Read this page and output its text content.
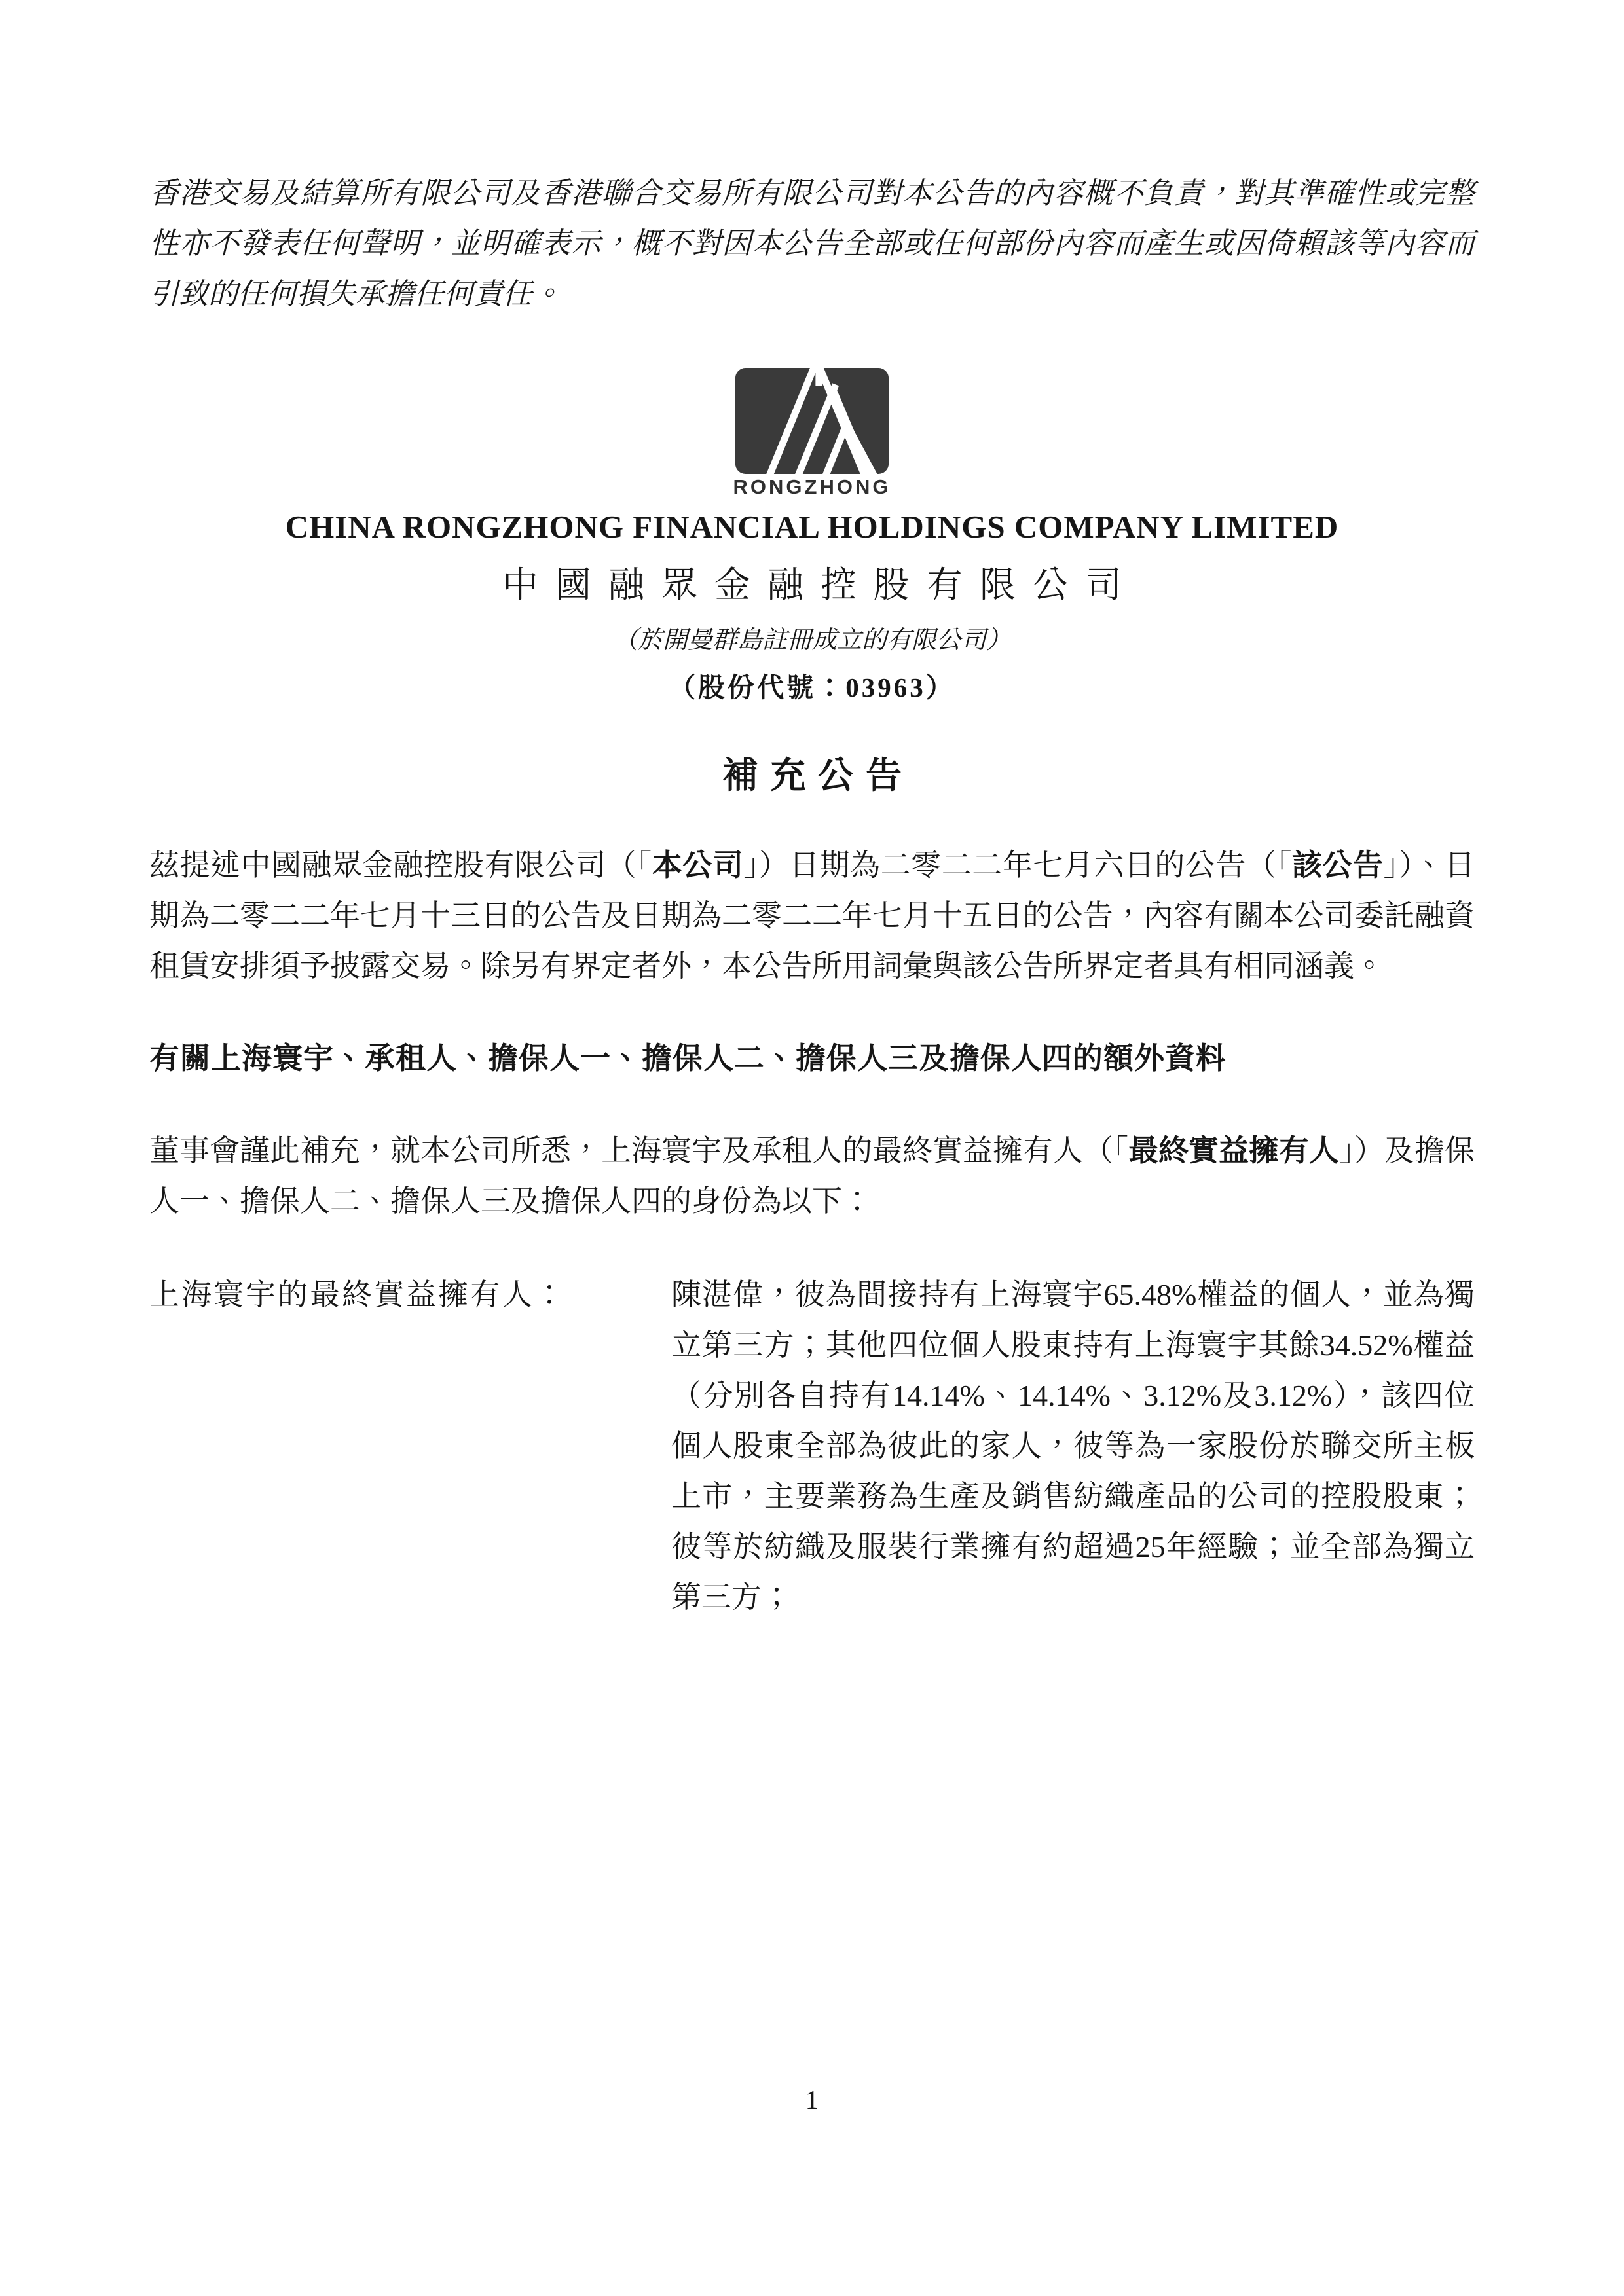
香港交易及結算所有限公司及香港聯合交易所有限公司對本公告的內容概不負責，對其準確性或完整性亦不發表任何聲明，並明確表示，概不對因本公告全部或任何部份內容而產生或因倚賴該等內容而引致的任何損失承擔任何責任。

RONGZHONG
CHINA RONGZHONG FINANCIAL HOLDINGS COMPANY LIMITED
中國融眾金融控股有限公司
（於開曼群島註冊成立的有限公司）
（股份代號：03963）
補充公告

茲提述中國融眾金融控股有限公司（「本公司」）日期為二零二二年七月六日的公告（「該公告」）、日期為二零二二年七月十三日的公告及日期為二零二二年七月十五日的公告，內容有關本公司委託融資租賃安排須予披露交易。除另有界定者外，本公告所用詞彙與該公告所界定者具有相同涵義。

有關上海寰宇、承租人、擔保人一、擔保人二、擔保人三及擔保人四的額外資料

董事會謹此補充，就本公司所悉，上海寰宇及承租人的最終實益擁有人（「最終實益擁有人」）及擔保人一、擔保人二、擔保人三及擔保人四的身份為以下：

上海寰宇的最終實益擁有人：	陳湛偉，彼為間接持有上海寰宇65.48%權益的個人，並為獨立第三方；其他四位個人股東持有上海寰宇其餘34.52%權益（分別各自持有14.14%、14.14%、3.12%及3.12%），該四位個人股東全部為彼此的家人，彼等為一家股份於聯交所主板上市，主要業務為生產及銷售紡織產品的公司的控股股東；彼等於紡織及服裝行業擁有約超過25年經驗；並全部為獨立第三方；
1
